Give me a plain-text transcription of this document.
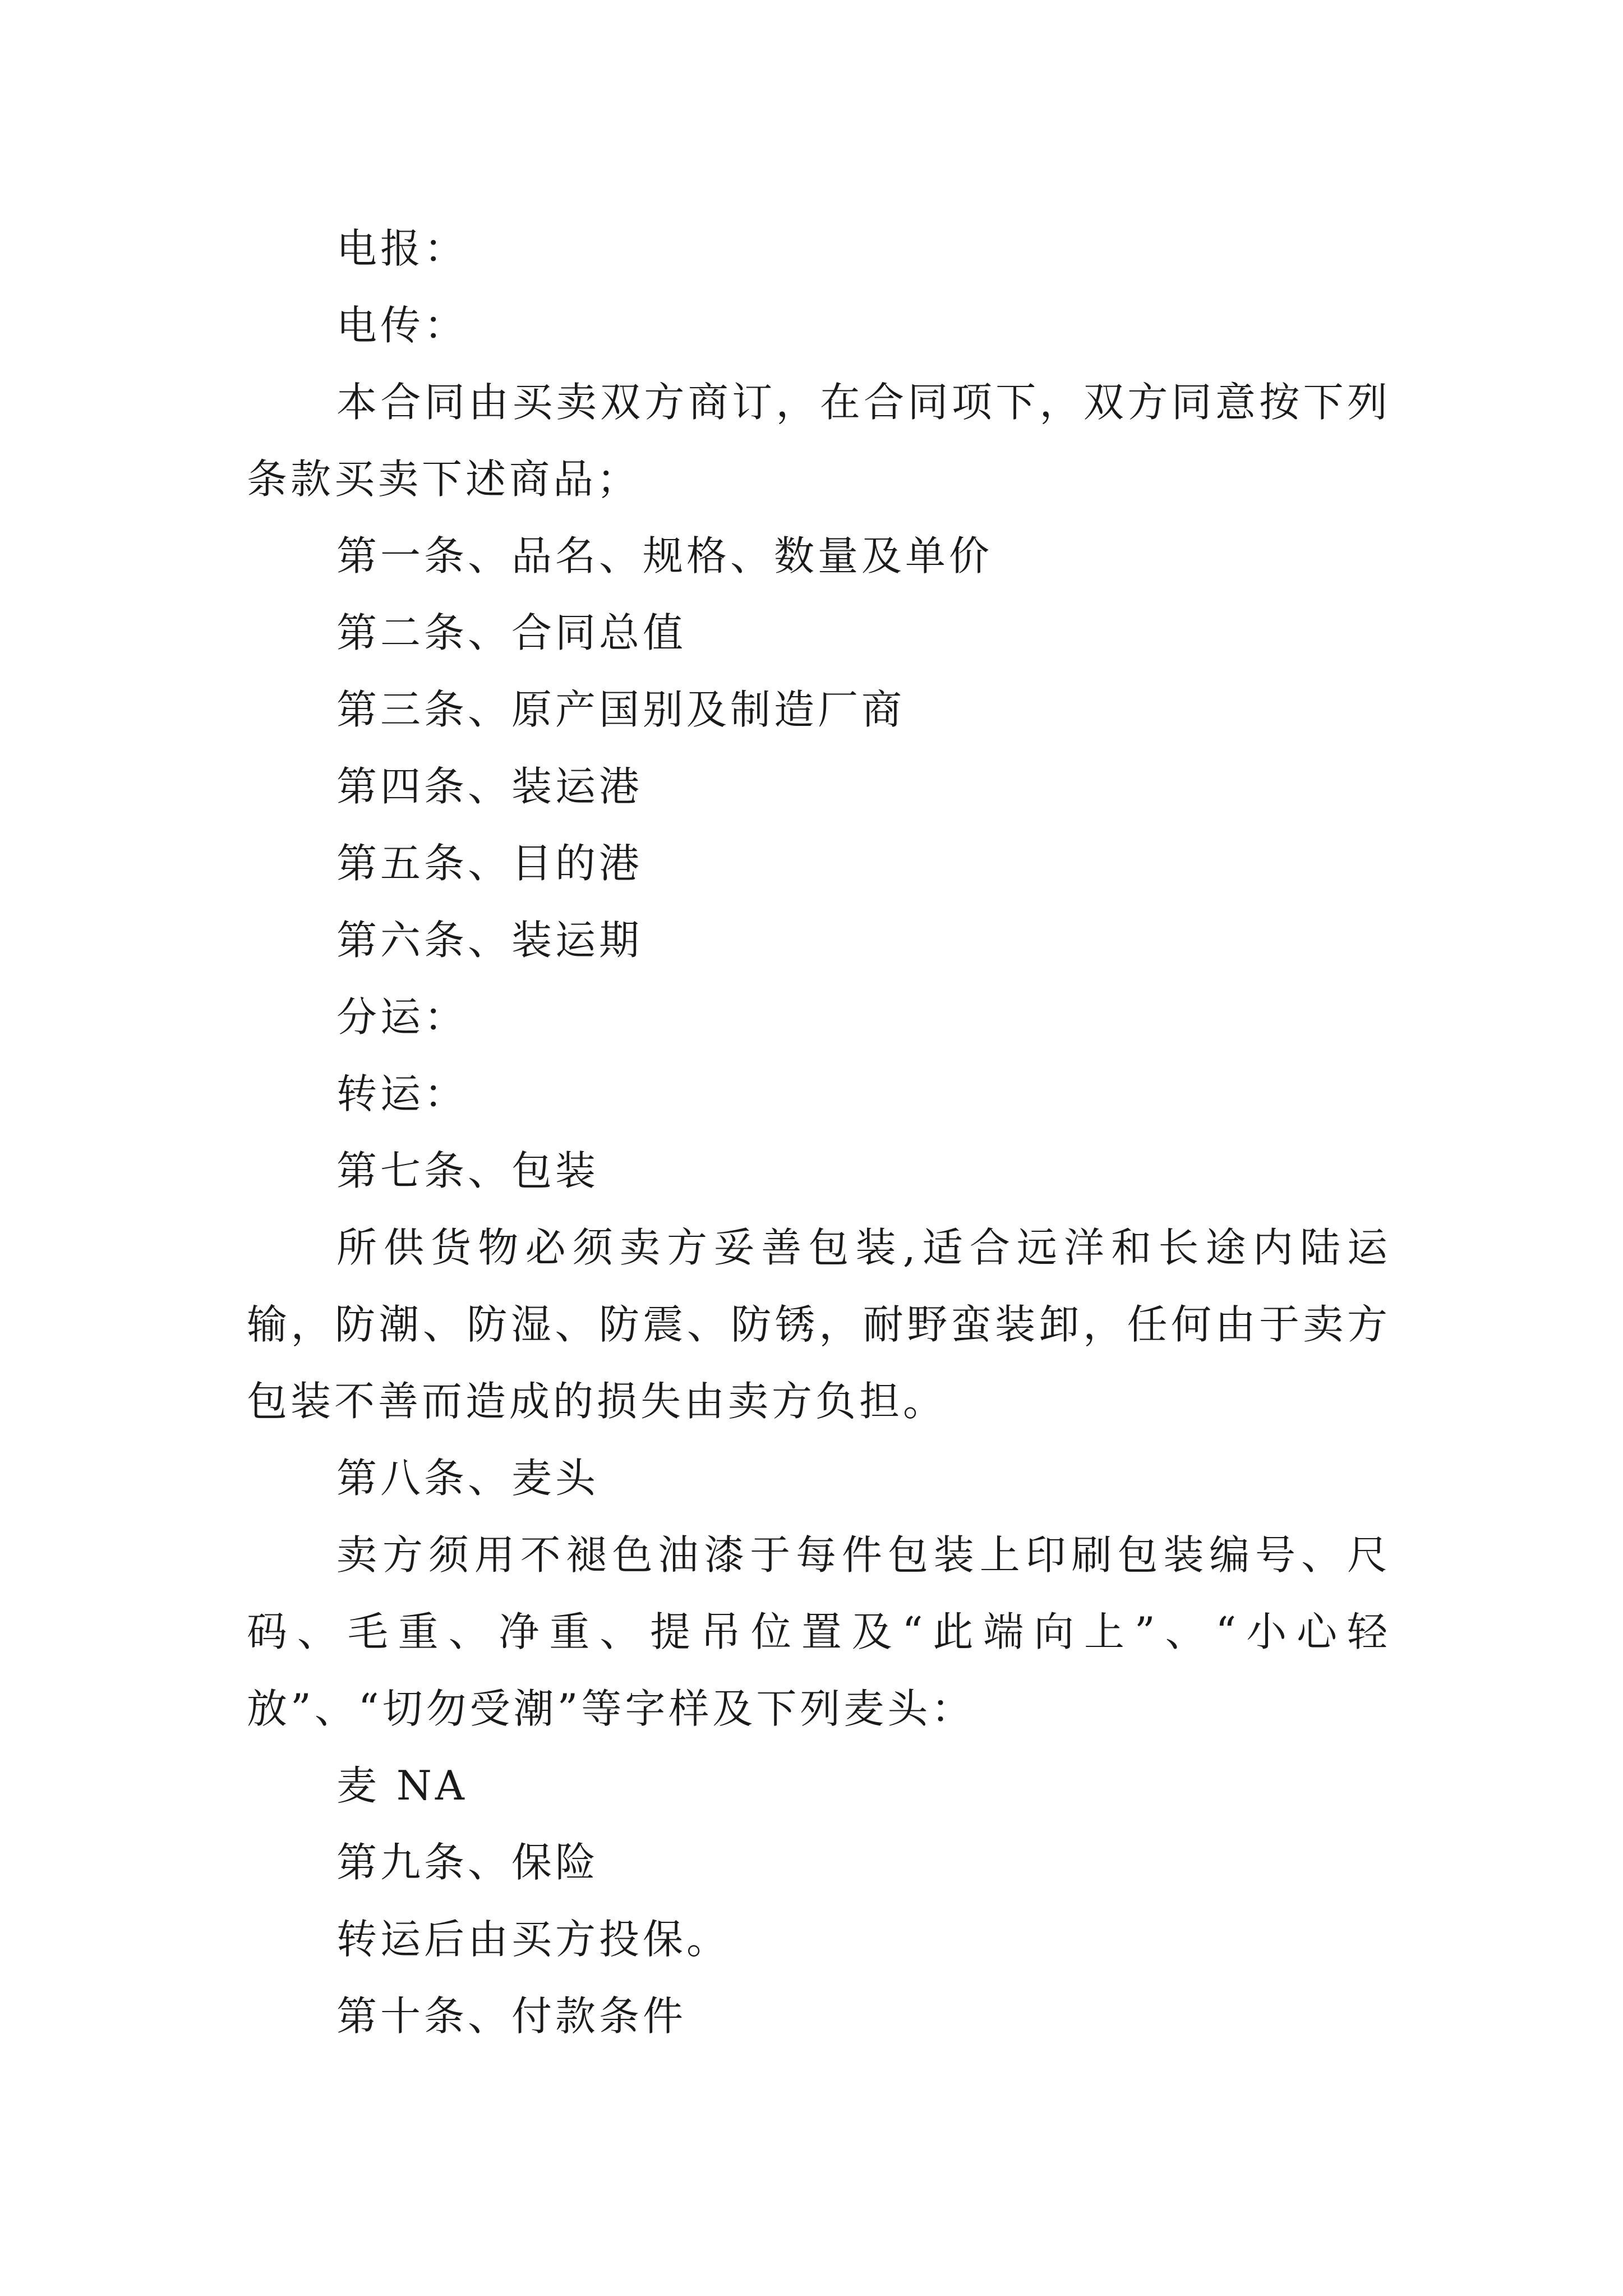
电报：
电传：
本合同由买卖双方商订，在合同项下，双方同意按下列条款买卖下述商品；
第一条、品名、规格、数量及单价
第二条、合同总值
第三条、原产国别及制造厂商
第四条、装运港
第五条、目的港
第六条、装运期
分运：
转运：
第七条、包装
所供货物必须卖方妥善包装,适合远洋和长途内陆运输，防潮、防湿、防震、防锈，耐野蛮装卸，任何由于卖方包装不善而造成的损失由卖方负担。
第八条、麦头
卖方须用不褪色油漆于每件包装上印刷包装编号、尺码、毛重、净重、提吊位置及“此端向上”、“小心轻放”、“切勿受潮”等字样及下列麦头：
麦 NA
第九条、保险
转运后由买方投保。
第十条、付款条件
